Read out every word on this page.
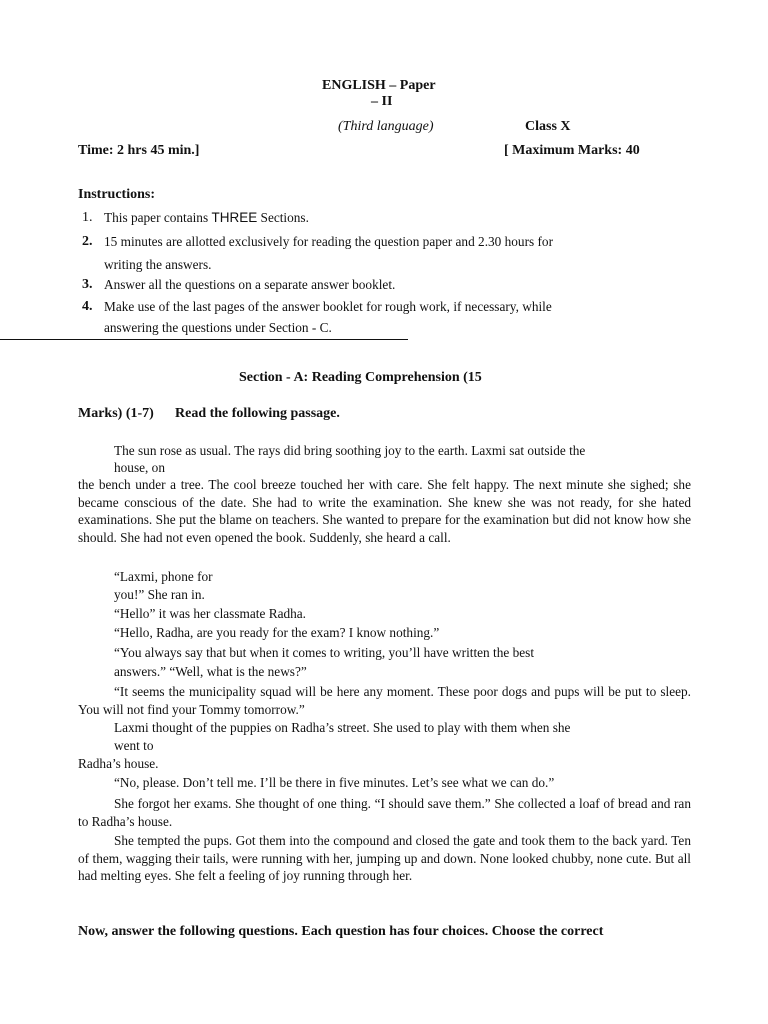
ENGLISH – Paper
– II
(Third language)	Class X
Time: 2 hrs 45 min.]	[ Maximum Marks: 40
Instructions:
1. This paper contains THREE Sections.
2. 15 minutes are allotted exclusively for reading the question paper and 2.30 hours for
writing the answers.
3. Answer all the questions on a separate answer booklet.
4. Make use of the last pages of the answer booklet for rough work, if necessary, while
answering the questions under Section - C.
Section - A: Reading Comprehension (15
Marks) (1-7) Read the following passage.
The sun rose as usual. The rays did bring soothing joy to the earth. Laxmi sat outside the
house, on
the bench under a tree. The cool breeze touched her with care. She felt happy. The next minute she sighed; she became conscious of the date. She had to write the examination. She knew she was not ready, for she hated examinations. She put the blame on teachers. She wanted to prepare for the examination but did not know how she should. She had not even opened the book. Suddenly, she heard a call.
“Laxmi, phone for
you!” She ran in.
“Hello” it was her classmate Radha.
“Hello, Radha, are you ready for the exam? I know nothing.”
“You always say that but when it comes to writing, you’ll have written the best
answers.” “Well, what is the news?”
“It seems the municipality squad will be here any moment. These poor dogs and pups will be put to sleep. You will not find your Tommy tomorrow.”
Laxmi thought of the puppies on Radha’s street. She used to play with them when she
went to
Radha’s house.
“No, please. Don’t tell me. I’ll be there in five minutes. Let’s see what we can do.”
She forgot her exams. She thought of one thing. “I should save them.” She collected a loaf of bread and ran to Radha’s house.
She tempted the pups. Got them into the compound and closed the gate and took them to the back yard. Ten of them, wagging their tails, were running with her, jumping up and down. None looked chubby, none cute. But all had melting eyes. She felt a feeling of joy running through her.
Now, answer the following questions. Each question has four choices. Choose the correct
